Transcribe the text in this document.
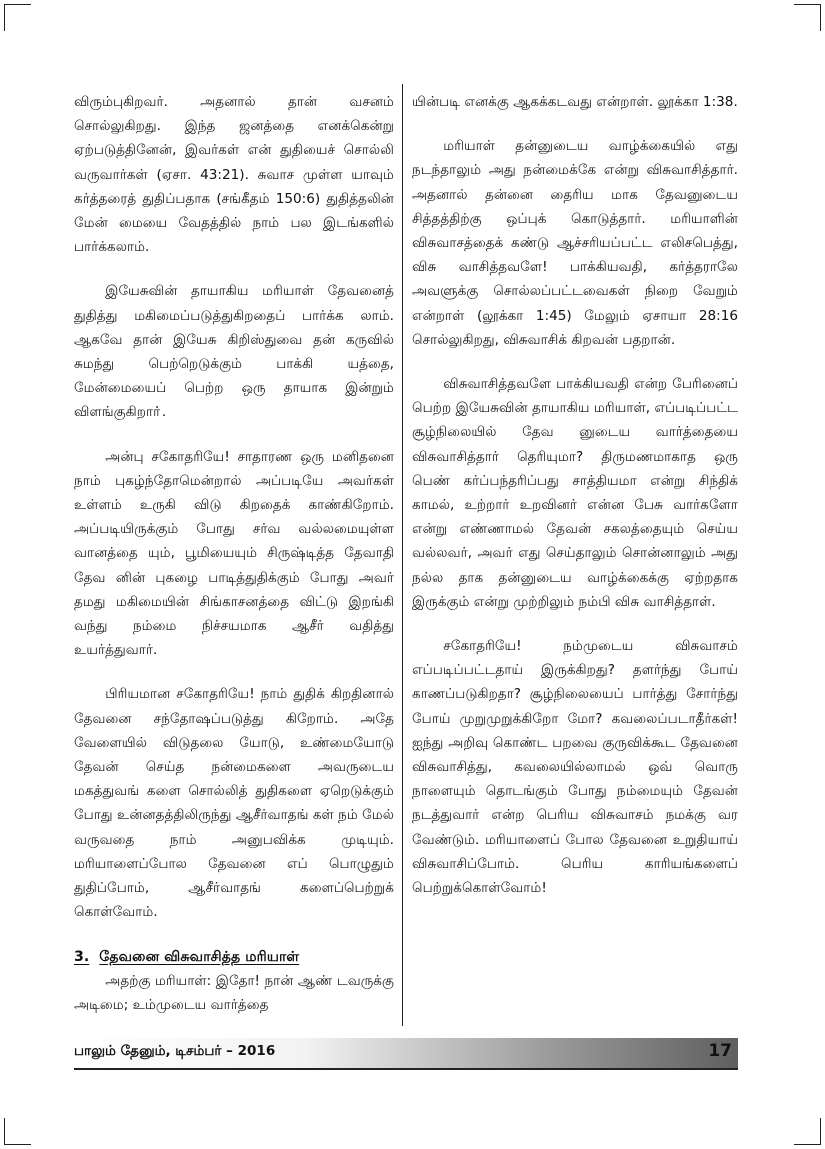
விரும்புகிறவர். அதனால் தான் வசனம் சொல்லுகிறது. இந்த ஜனத்தை எனக்கென்று ஏற்படுத்தினேன், இவர்கள் என் துதியைச் சொல்லி வருவார்கள் (ஏசா. 43:21). சுவாச முள்ள யாவும் கர்த்தரைத் துதிப்பதாக (சங்கீதம் 150:6) துதித்தலின் மேன் மையை வேதத்தில் நாம் பல இடங்களில் பார்க்கலாம்.

இயேசுவின் தாயாகிய மரியாள் தேவனைத் துதித்து மகிமைப்படுத்துகிறதைப் பார்க்க லாம். ஆகவே தான் இயேசு கிறிஸ்துவை தன் கருவில் சுமந்து பெற்றெடுக்கும் பாக்கி யத்தை, மேன்மையைப் பெற்ற ஒரு தாயாக இன்றும் விளங்குகிறாா்.

அன்பு சகோதரியே! சாதாரண ஒரு மனிதனை நாம் புகழ்ந்தோமென்றால் அப்படியே அவர்கள் உள்ளம் உருகி விடு கிறதைக் காண்கிறோம். அப்படியிருக்கும் போது சர்வ வல்லமையுள்ள வானத்தை யும், பூமியையும் சிருஷ்டித்த தேவாதி தேவ னின் புகழை பாடித்துதிக்கும் போது அவர் தமது மகிமையின் சிங்காசனத்தை விட்டு இறங்கி வந்து நம்மை நிச்சயமாக ஆசீர் வதித்து உயர்த்துவார்.

பிரியமான சகோதரியே! நாம் துதிக் கிறதினால் தேவனை சந்தோஷப்படுத்து கிறோம். அதே வேளையில் விடுதலை யோடு, உண்மையோடு தேவன் செய்த நன்மைகளை அவருடைய மகத்துவங் களை சொல்லித் துதிகளை ஏறெடுக்கும் போது உன்னதத்திலிருந்து ஆசீர்வாதங் கள் நம் மேல் வருவதை நாம் அனுபவிக்க முடியும். மரியாளைப்போல தேவனை எப் பொழுதும் துதிப்போம், ஆசீர்வாதங் களைப்பெற்றுக் கொள்வோம்.

3. தேவனை விசுவாசித்த மரியாள்

அதற்கு மரியாள்: இதோ! நான் ஆண் டவருக்கு அடிமை; உம்முடைய வார்த்தை

யின்படி எனக்கு ஆகக்கடவது என்றாள். லூக்கா 1:38.

மரியாள் தன்னுடைய வாழ்க்கையில் எது நடந்தாலும் அது நன்மைக்கே என்று விசுவாசித்தார். அதனால் தன்னை தைரிய மாக தேவனுடைய சித்தத்திற்கு ஒப்புக் கொடுத்தார். மரியாளின் விசுவாசத்தைக் கண்டு ஆச்சரியப்பட்ட எலிசபெத்து, விசு வாசித்தவளே! பாக்கியவதி, கர்த்தராலே அவளுக்கு சொல்லப்பட்டவைகள் நிறை வேறும் என்றாள் (லூக்கா 1:45) மேலும் ஏசாயா 28:16 சொல்லுகிறது, விசுவாசிக் கிறவன் பதறான்.

விசுவாசித்தவளே பாக்கியவதி என்ற பேரினைப் பெற்ற இயேசுவின் தாயாகிய மரியாள், எப்படிப்பட்ட சூழ்நிலையில் தேவ னுடைய வார்த்தையை விசுவாசித்தார் தெரியுமா? திருமணமாகாத ஒரு பெண் கர்ப்பந்தரிப்பது சாத்தியமா என்று சிந்திக் காமல், உற்றார் உறவினர் என்ன பேசு வார்களோ என்று எண்ணாமல் தேவன் சகலத்தையும் செய்ய வல்லவர், அவர் எது செய்தாலும் சொன்னாலும் அது நல்ல தாக தன்னுடைய வாழ்க்கைக்கு ஏற்றதாக இருக்கும் என்று முற்றிலும் நம்பி விசு வாசித்தாள்.

சகோதரியே! நம்முடைய விசுவாசம் எப்படிப்பட்டதாய் இருக்கிறது? தளர்ந்து போய் காணப்படுகிறதா? சூழ்நிலையைப் பார்த்து சோர்ந்து போய் முறுமுறுக்கிறோ மோ? கவலைப்படாதீர்கள்! ஐந்து அறிவு கொண்ட பறவை குருவிக்கூட தேவனை விசுவாசித்து, கவலையில்லாமல் ஒவ் வொரு நாளையும் தொடங்கும் போது நம்மையும் தேவன் நடத்துவார் என்ற பெரிய விசுவாசம் நமக்கு வர வேண்டும். மரியாளைப் போல தேவனை உறுதியாய் விசுவாசிப்போம். பெரிய காரியங்களைப் பெற்றுக்கொள்வோம்!

பாலும் தேனும், டிசம்பர் – 2016	17
